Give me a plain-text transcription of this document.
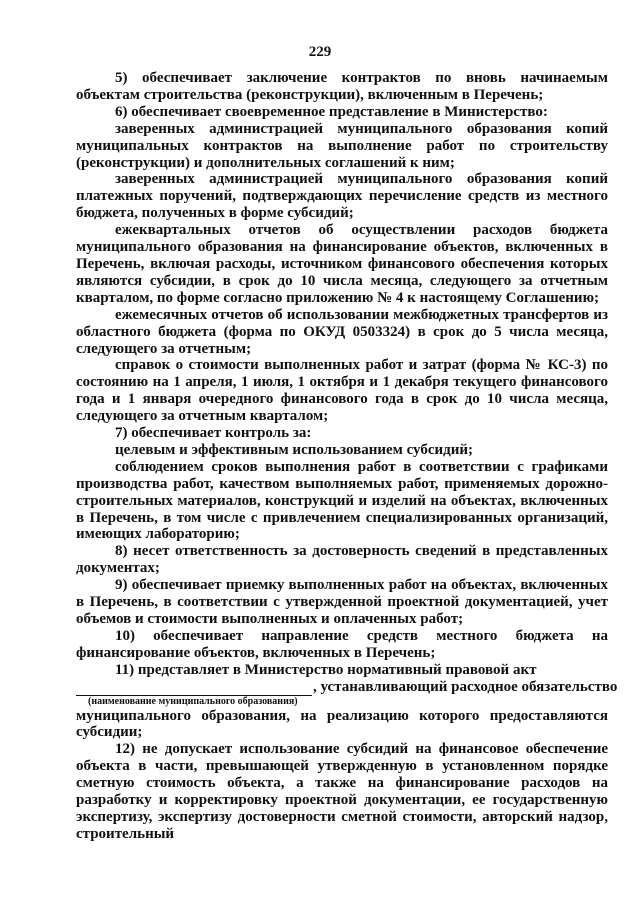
229

5) обеспечивает заключение контрактов по вновь начинаемым объектам строительства (реконструкции), включенным в Перечень;

6) обеспечивает своевременное представление в Министерство:

заверенных администрацией муниципального образования копий муниципальных контрактов на выполнение работ по строительству (реконструкции) и дополнительных соглашений к ним;

заверенных администрацией муниципального образования копий платежных поручений, подтверждающих перечисление средств из местного бюджета, полученных в форме субсидий;

ежеквартальных отчетов об осуществлении расходов бюджета муниципального образования на финансирование объектов, включенных в Перечень, включая расходы, источником финансового обеспечения которых являются субсидии, в срок до 10 числа месяца, следующего за отчетным кварталом, по форме согласно приложению № 4 к настоящему Соглашению;

ежемесячных отчетов об использовании межбюджетных трансфертов из областного бюджета (форма по ОКУД 0503324) в срок до 5 числа месяца, следующего за отчетным;

справок о стоимости выполненных работ и затрат (форма № КС-3) по состоянию на 1 апреля, 1 июля, 1 октября и 1 декабря текущего финансового года и 1 января очередного финансового года в срок до 10 числа месяца, следующего за отчетным кварталом;

7) обеспечивает контроль за:

целевым и эффективным использованием субсидий;

соблюдением сроков выполнения работ в соответствии с графиками производства работ, качеством выполняемых работ, применяемых дорожно-строительных материалов, конструкций и изделий на объектах, включенных в Перечень, в том числе с привлечением специализированных организаций, имеющих лабораторию;

8) несет ответственность за достоверность сведений в представленных документах;

9) обеспечивает приемку выполненных работ на объектах, включенных в Перечень, в соответствии с утвержденной проектной документацией, учет объемов и стоимости выполненных и оплаченных работ;

10) обеспечивает направление средств местного бюджета на финансирование объектов, включенных в Перечень;

11) представляет в Министерство нормативный правовой акт

, устанавливающий расходное обязательство
(наименование муниципального образования)

муниципального образования, на реализацию которого предоставляются субсидии;

12) не допускает использование субсидий на финансовое обеспечение объекта в части, превышающей утвержденную в установленном порядке сметную стоимость объекта, а также на финансирование расходов на разработку и корректировку проектной документации, ее государственную экспертизу, экспертизу достоверности сметной стоимости, авторский надзор, строительный
